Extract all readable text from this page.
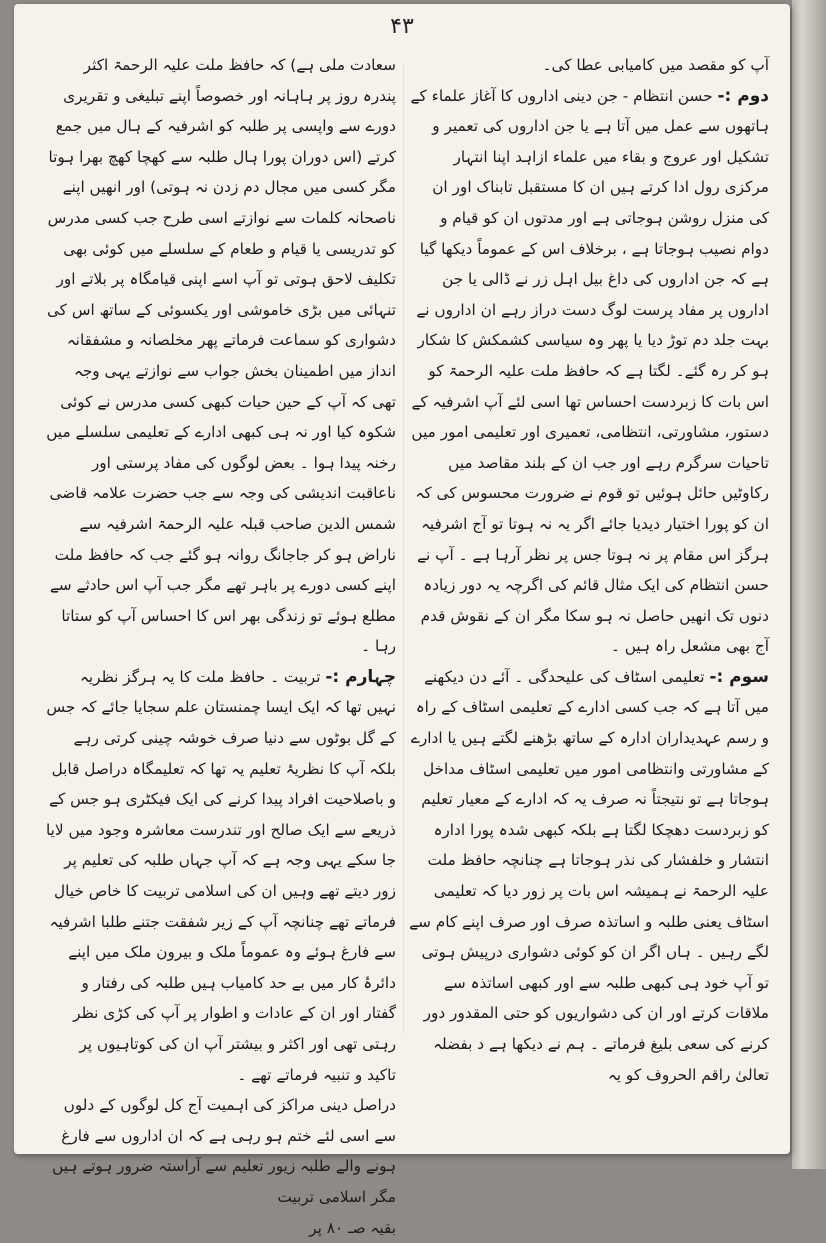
۴۳

آپ کو مقصد میں کامیابی عطا کی۔

دوم :- حسن انتظام - جن دینی اداروں کا آغاز علماء کے ہاتھوں سے عمل میں آتا ہے یا جن اداروں کی تعمیر و تشکیل اور عروج و بقاء میں علماء ازاہد اپنا انتہار مرکزی رول ادا کرتے ہیں ان کا مستقبل تابناک اور ان کی منزل روشن ہوجاتی ہے اور مدتوں ان کو قیام و دوام نصیب ہوجاتا ہے ، برخلاف اس کے عموماً دیکھا گیا ہے کہ جن اداروں کی داغ بیل اہل زر نے ڈالی یا جن اداروں پر مفاد پرست لوگ دست دراز رہے ان اداروں نے بہت جلد دم توڑ دیا یا پھر وہ سیاسی کشمکش کا شکار ہو کر رہ گئے۔ لگتا ہے کہ حافظ ملت علیہ الرحمۃ کو اس بات کا زبردست احساس تھا اسی لئے آپ اشرفیہ کے دستور، مشاورتی، انتظامی، تعمیری اور تعلیمی امور میں تاحیات سرگرم رہے اور جب ان کے بلند مقاصد میں رکاوٹیں حائل ہوئیں تو قوم نے ضرورت محسوس کی کہ ان کو پورا اختیار دیدیا جائے اگر یہ نہ ہوتا تو آج اشرفیہ ہرگز اس مقام پر نہ ہوتا جس پر نظر آرہا ہے ۔ آپ نے حسن انتظام کی ایک مثال قائم کی اگرچہ یہ دور زیادہ دنوں تک انھیں حاصل نہ ہو سکا مگر ان کے نقوش قدم آج بھی مشعل راہ ہیں ۔

سوم :- تعلیمی اسٹاف کی علیحدگی ۔ آئے دن دیکھنے میں آتا ہے کہ جب کسی ادارے کے تعلیمی اسٹاف کے راہ و رسم عہدیداران ادارہ کے ساتھ بڑھنے لگتے ہیں یا ادارے کے مشاورتی وانتظامی امور میں تعلیمی اسٹاف مداخل ہوجاتا ہے تو نتیجتاً نہ صرف یہ کہ ادارے کے معیار تعلیم کو زبردست دھچکا لگتا ہے بلکہ کبھی شدہ پورا ادارہ انتشار و خلفشار کی نذر ہوجاتا ہے چنانچہ حافظ ملت علیہ الرحمۃ نے ہمیشہ اس بات پر زور دیا کہ تعلیمی اسٹاف یعنی طلبہ و اساتذہ صرف اور صرف اپنے کام سے لگے رہیں ۔ ہاں اگر ان کو کوئی دشواری درپیش ہوتی تو آپ خود ہی کبھی طلبہ سے اور کبھی اساتذہ سے ملاقات کرتے اور ان کی دشواریوں کو حتی المقدور دور کرنے کی سعی بلیغ فرماتے ۔ ہم نے دیکھا ہے د بفضلہ تعالیٰ راقم الحروف کو یہ

سعادت ملی ہے) کہ حافظ ملت علیہ الرحمۃ اکثر پندرہ روز پر ہاہانہ اور خصوصاً اپنے تبلیغی و تقریری دورے سے واپسی پر طلبہ کو اشرفیہ کے ہال میں جمع کرتے (اس دوران پورا ہال طلبہ سے کھچا کھچ بھرا ہوتا مگر کسی میں مجال دم زدن نہ ہوتی) اور انھیں اپنے ناصحانہ کلمات سے نوازتے اسی طرح جب کسی مدرس کو تدریسی یا قیام و طعام کے سلسلے میں کوئی بھی تکلیف لاحق ہوتی تو آپ اسے اپنی قیامگاہ پر بلاتے اور تنہائی میں بڑی خاموشی اور یکسوئی کے ساتھ اس کی دشواری کو سماعت فرماتے پھر مخلصانہ و مشفقانہ انداز میں اطمینان بخش جواب سے نوازتے یہی وجہ تھی کہ آپ کے حین حیات کبھی کسی مدرس نے کوئی شکوہ کیا اور نہ ہی کبھی ادارے کے تعلیمی سلسلے میں رخنہ پیدا ہوا ۔ بعض لوگوں کی مفاد پرستی اور ناعاقبت اندیشی کی وجہ سے جب حضرت علامہ قاضی شمس الدین صاحب قبلہ علیہ الرحمۃ اشرفیہ سے ناراض ہو کر جاجانگ روانہ ہو گئے جب کہ حافظ ملت اپنے کسی دورے پر باہر تھے مگر جب آپ اس حادثے سے مطلع ہوئے تو زندگی بھر اس کا احساس آپ کو ستاتا رہا ۔

چہارم :- تربیت ۔ حافظ ملت کا یہ ہرگز نظریہ نہیں تھا کہ ایک ایسا چمنستان علم سجایا جائے کہ جس کے گل بوٹوں سے دنیا صرف خوشہ چینی کرتی رہے بلکہ آپ کا نظریۂ تعلیم یہ تھا کہ تعلیمگاہ دراصل قابل و باصلاحیت افراد پیدا کرنے کی ایک فیکٹری ہو جس کے ذریعے سے ایک صالح اور تندرست معاشرہ وجود میں لایا جا سکے یہی وجہ ہے کہ آپ جہاں طلبہ کی تعلیم پر زور دیتے تھے وہیں ان کی اسلامی تربیت کا خاص خیال فرماتے تھے چنانچہ آپ کے زیر شفقت جتنے طلبا اشرفیہ سے فارغ ہوئے وہ عموماً ملک و بیرون ملک میں اپنے دائرۂ کار میں بے حد کامیاب ہیں طلبہ کی رفتار و گفتار اور ان کے عادات و اطوار پر آپ کی کڑی نظر رہتی تھی اور اکثر و بیشتر آپ ان کی کوتاہیوں پر تاکید و تنبیہ فرماتے تھے ۔

دراصل دینی مراکز کی اہمیت آج کل لوگوں کے دلوں سے اسی لئے ختم ہو رہی ہے کہ ان اداروں سے فارغ ہونے والے طلبہ زیور تعلیم سے آراستہ ضرور ہوتے ہیں مگر اسلامی تربیت

بقیہ صـ ۸۰ پر
